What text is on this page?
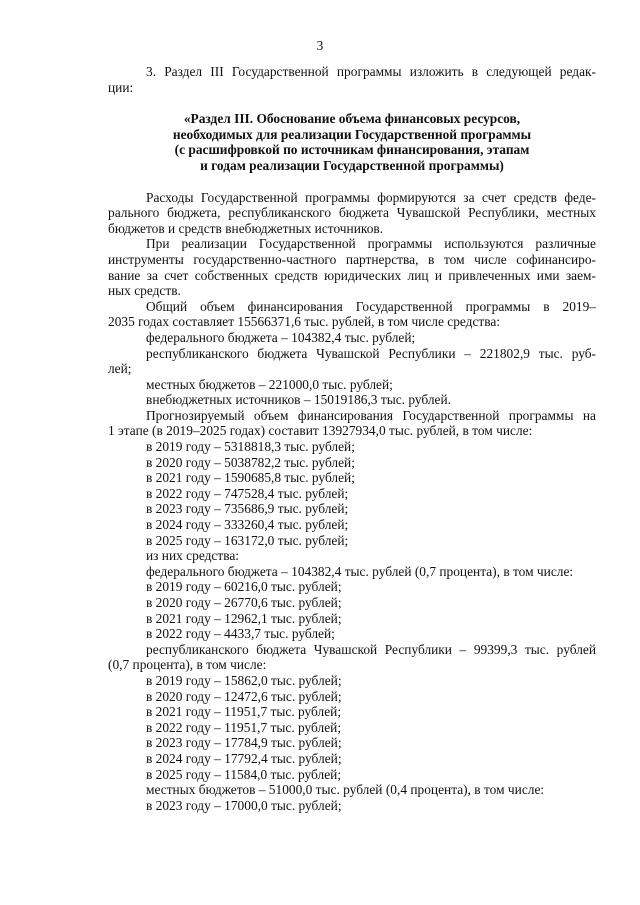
3
3. Раздел III Государственной программы изложить в следующей редак-
ции:
«Раздел III. Обоснование объема финансовых ресурсов,
необходимых для реализации Государственной программы
(с расшифровкой по источникам финансирования, этапам
и годам реализации Государственной программы)
Расходы Государственной программы формируются за счет средств феде-
рального бюджета, республиканского бюджета Чувашской Республики, местных
бюджетов и средств внебюджетных источников.
При реализации Государственной программы используются различные
инструменты государственно-частного партнерства, в том числе софинансиро-
вание за счет собственных средств юридических лиц и привлеченных ими заем-
ных средств.
Общий объем финансирования Государственной программы в 2019–
2035 годах составляет 15566371,6 тыс. рублей, в том числе средства:
федерального бюджета – 104382,4 тыс. рублей;
республиканского бюджета Чувашской Республики – 221802,9 тыс. руб-
лей;
местных бюджетов – 221000,0 тыс. рублей;
внебюджетных источников – 15019186,3 тыс. рублей.
Прогнозируемый объем финансирования Государственной программы на
1 этапе (в 2019–2025 годах) составит 13927934,0 тыс. рублей, в том числе:
в 2019 году – 5318818,3 тыс. рублей;
в 2020 году – 5038782,2 тыс. рублей;
в 2021 году – 1590685,8 тыс. рублей;
в 2022 году – 747528,4 тыс. рублей;
в 2023 году – 735686,9 тыс. рублей;
в 2024 году – 333260,4 тыс. рублей;
в 2025 году – 163172,0 тыс. рублей;
из них средства:
федерального бюджета – 104382,4 тыс. рублей (0,7 процента), в том числе:
в 2019 году – 60216,0 тыс. рублей;
в 2020 году – 26770,6 тыс. рублей;
в 2021 году – 12962,1 тыс. рублей;
в 2022 году – 4433,7 тыс. рублей;
республиканского бюджета Чувашской Республики – 99399,3 тыс. рублей
(0,7 процента), в том числе:
в 2019 году – 15862,0 тыс. рублей;
в 2020 году – 12472,6 тыс. рублей;
в 2021 году – 11951,7 тыс. рублей;
в 2022 году – 11951,7 тыс. рублей;
в 2023 году – 17784,9 тыс. рублей;
в 2024 году – 17792,4 тыс. рублей;
в 2025 году – 11584,0 тыс. рублей;
местных бюджетов – 51000,0 тыс. рублей (0,4 процента), в том числе:
в 2023 году – 17000,0 тыс. рублей;
